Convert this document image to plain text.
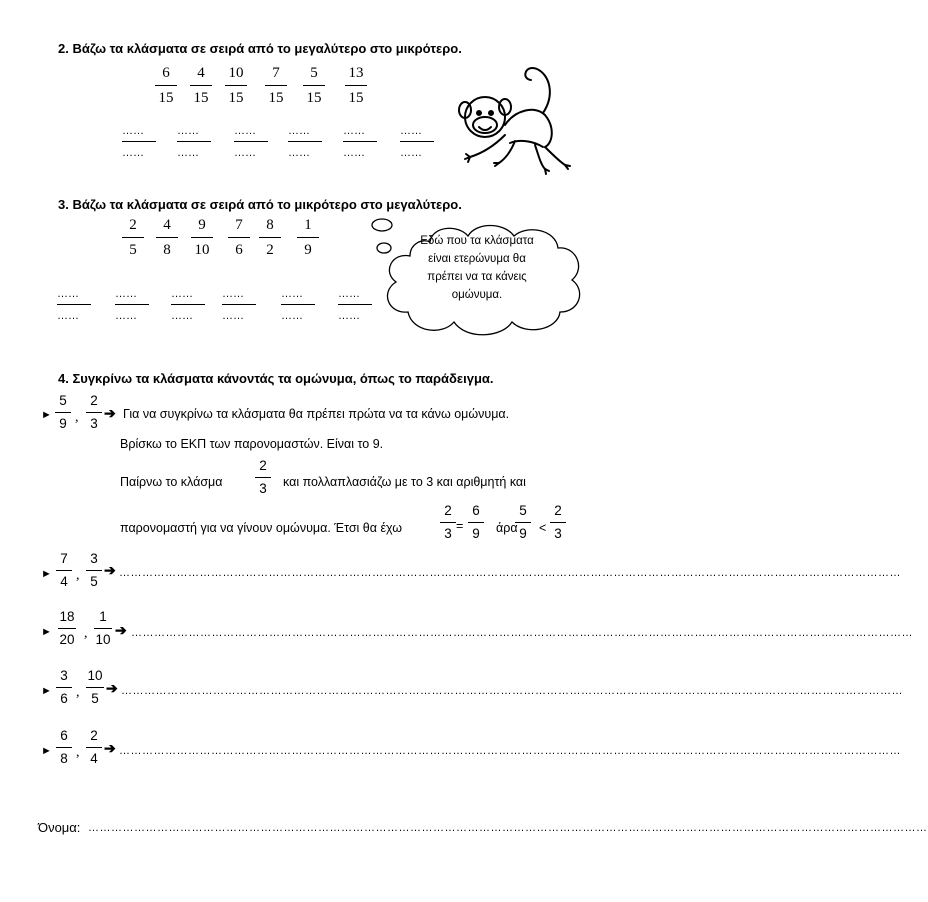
2. Βάζω τα κλάσματα σε σειρά από το μεγαλύτερο στο μικρότερο.
6
15
4
15
10
15
7
15
5
15
13
15
……
……
……
……
……
……
……
……
……
……
……
……
3. Βάζω τα κλάσματα σε σειρά από το μικρότερο στο μεγαλύτερο.
2
5
4
8
9
10
7
6
8
2
1
9
……
……
……
……
……
……
……
……
……
……
……
……
Εδώ που τα κλάσματα
είναι ετερώνυμα θα
πρέπει να τα κάνεις
ομώνυμα.
4. Συγκρίνω τα κλάσματα κάνοντάς τα ομώνυμα, όπως το παράδειγμα.
►
5
9 ,
2
3
➔ Για να συγκρίνω τα κλάσματα θα πρέπει πρώτα να τα κάνω ομώνυμα.
Βρίσκω το ΕΚΠ των παρονομαστών. Είναι το 9.
Παίρνω το κλάσμα
2
3	και πολλαπλασιάζω με το 3 και αριθμητή και
παρονομαστή για να γίνουν ομώνυμα. Έτσι θα έχω
2
3 =
6
9	άρα
5
9 <
2
3
►
7
4 ,
3
5
➔ ……………………………………………………………………………………………………………………………………………………………………………………
►
18
20 ,
1
10
➔ ……………………………………………………………………………………………………………………………………………………………………………………
►
3
6 ,
10
5
➔ ……………………………………………………………………………………………………………………………………………………………………………………
►
6
8 ,
2
4
➔ ……………………………………………………………………………………………………………………………………………………………………………………
Όνομα: …………………………………………………………………………………………………………………………………………………………………………………………………
